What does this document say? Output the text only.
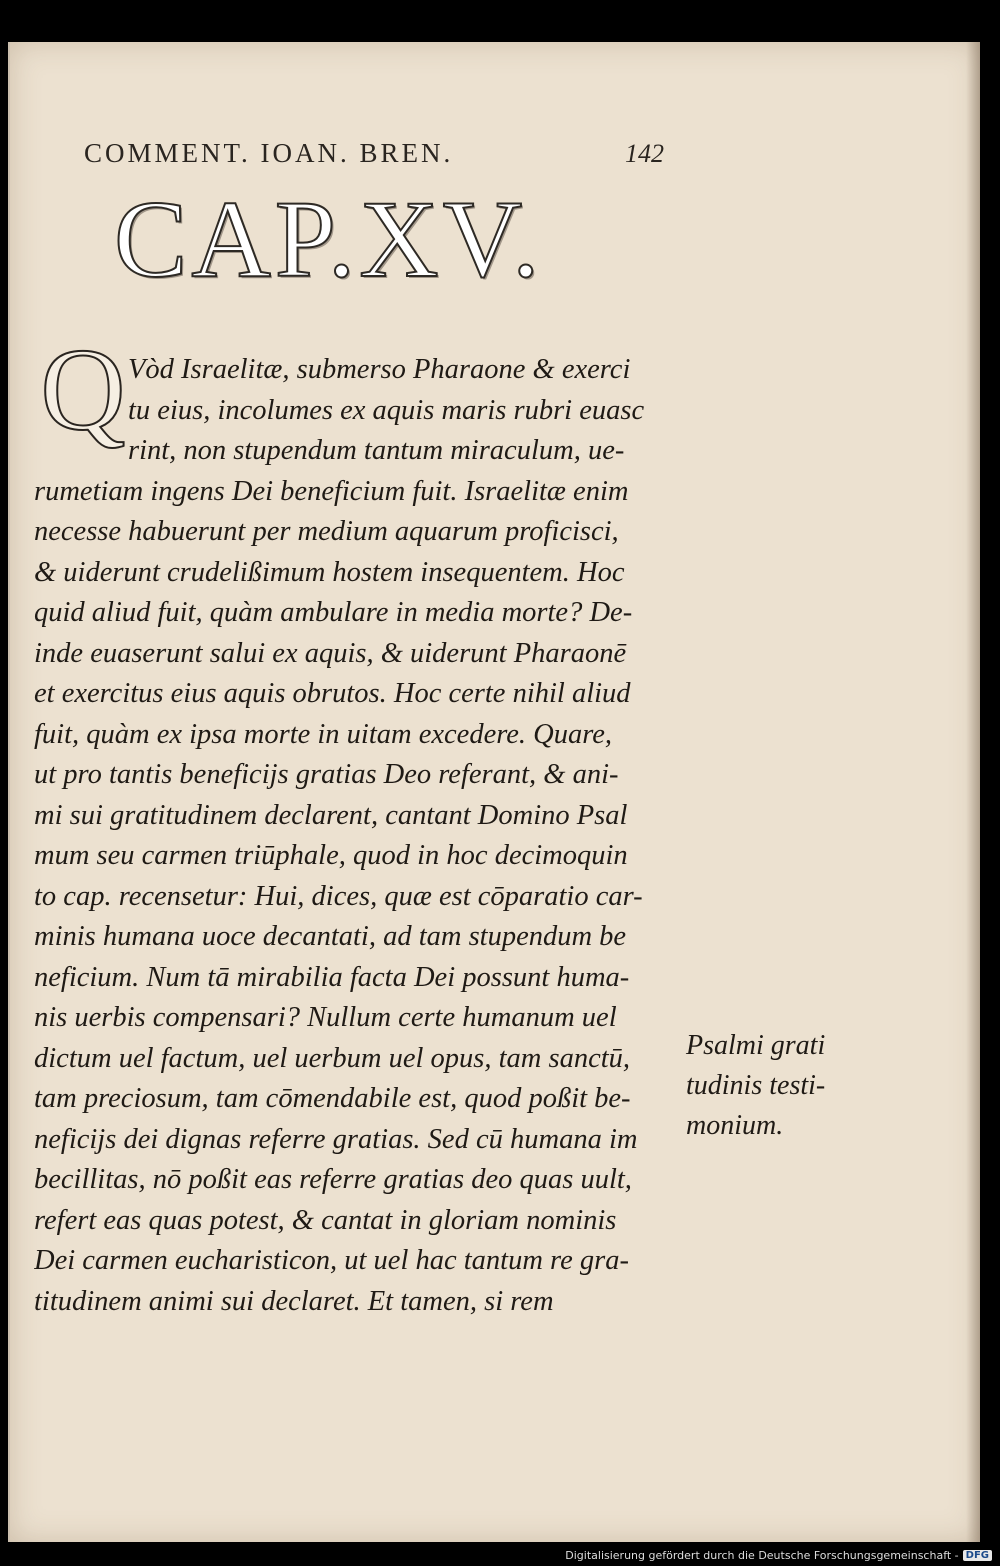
COMMENT. IOAN. BREN.	142
CAP.XV.
Q Vòd Israelitæ, submerso Pharaone & exerci
tu eius, incolumes ex aquis maris rubri euasc
rint, non stupendum tantum miraculum, ue-
rumetiam ingens Dei beneficium fuit. Israelitæ enim
necesse habuerunt per medium aquarum proficisci,
& uiderunt crudelißimum hostem insequentem. Hoc
quid aliud fuit, quàm ambulare in media morte? De-
inde euaserunt salui ex aquis, & uiderunt Pharaonē
et exercitus eius aquis obrutos. Hoc certe nihil aliud
fuit, quàm ex ipsa morte in uitam excedere. Quare,
ut pro tantis beneficijs gratias Deo referant, & ani-
mi sui gratitudinem declarent, cantant Domino Psal
mum seu carmen triūphale, quod in hoc decimoquin
to cap. recensetur: Hui, dices, quæ est cōparatio car-
minis humana uoce decantati, ad tam stupendum be
neficium. Num tā mirabilia facta Dei possunt huma-
nis uerbis compensari? Nullum certe humanum uel
dictum uel factum, uel uerbum uel opus, tam sanctū,
tam preciosum, tam cōmendabile est, quod poßit be-
neficijs dei dignas referre gratias. Sed cū humana im
becillitas, nō poßit eas referre gratias deo quas uult,
refert eas quas potest, & cantat in gloriam nominis
Dei carmen eucharisticon, ut uel hac tantum re gra-
titudinem animi sui declaret. Et tamen, si rem
Psalmi grati
tudinis testi-
monium.
Digitalisierung gefördert durch die Deutsche Forschungsgemeinschaft - DFG
